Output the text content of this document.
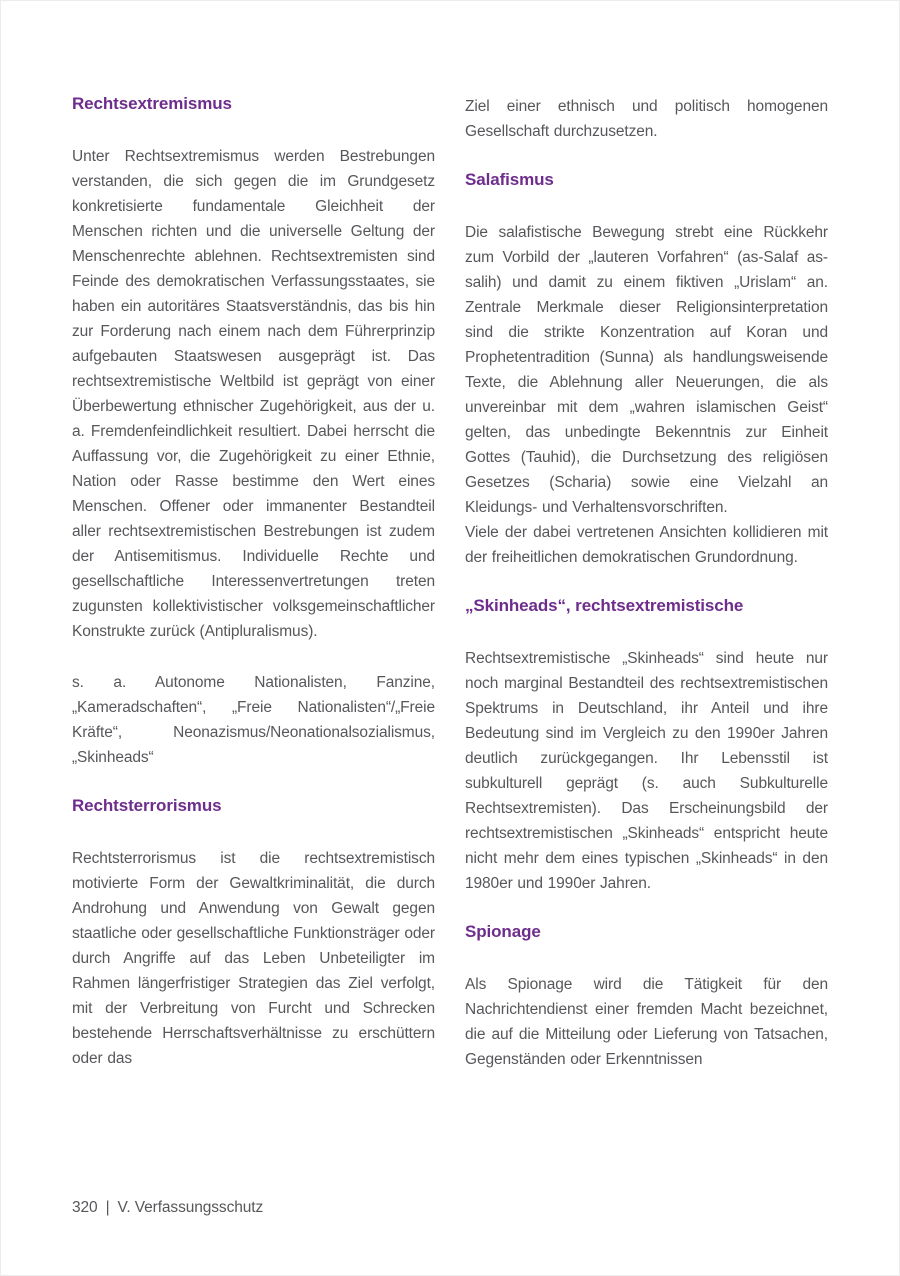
Rechtsextremismus

Unter Rechtsextremismus werden Bestrebungen verstanden, die sich gegen die im Grundgesetz konkretisierte fundamentale Gleichheit der Menschen richten und die universelle Geltung der Menschenrechte ablehnen. Rechtsextremisten sind Feinde des demokratischen Verfassungsstaates, sie haben ein autoritäres Staatsverständnis, das bis hin zur Forderung nach einem nach dem Führerprinzip aufgebauten Staatswesen ausgeprägt ist. Das rechtsextremistische Weltbild ist geprägt von einer Überbewertung ethnischer Zugehörigkeit, aus der u. a. Fremdenfeindlichkeit resultiert. Dabei herrscht die Auffassung vor, die Zugehörigkeit zu einer Ethnie, Nation oder Rasse bestimme den Wert eines Menschen. Offener oder immanenter Bestandteil aller rechtsextremistischen Bestrebungen ist zudem der Antisemitismus. Individuelle Rechte und gesellschaftliche Interessenvertretungen treten zugunsten kollektivistischer volksgemeinschaftlicher Konstrukte zurück (Antipluralismus).

s. a. Autonome Nationalisten, Fanzine, „Kameradschaften“, „Freie Nationalisten“/„Freie Kräfte“, Neonazismus/Neonationalsozialismus, „Skinheads“

Rechtsterrorismus

Rechtsterrorismus ist die rechtsextremistisch motivierte Form der Gewaltkriminalität, die durch Androhung und Anwendung von Gewalt gegen staatliche oder gesellschaftliche Funktionsträger oder durch Angriffe auf das Leben Unbeteiligter im Rahmen längerfristiger Strategien das Ziel verfolgt, mit der Verbreitung von Furcht und Schrecken bestehende Herrschaftsverhältnisse zu erschüttern oder das

Ziel einer ethnisch und politisch homogenen Gesellschaft durchzusetzen.

Salafismus

Die salafistische Bewegung strebt eine Rückkehr zum Vorbild der „lauteren Vorfahren“ (as-Salaf as-salih) und damit zu einem fiktiven „Urislam“ an. Zentrale Merkmale dieser Religionsinterpretation sind die strikte Konzentration auf Koran und Prophetentradition (Sunna) als handlungsweisende Texte, die Ablehnung aller Neuerungen, die als unvereinbar mit dem „wahren islamischen Geist“ gelten, das unbedingte Bekenntnis zur Einheit Gottes (Tauhid), die Durchsetzung des religiösen Gesetzes (Scharia) sowie eine Vielzahl an Kleidungs- und Verhaltensvorschriften.

Viele der dabei vertretenen Ansichten kollidieren mit der freiheitlichen demokratischen Grundordnung.

„Skinheads“, rechtsextremistische

Rechtsextremistische „Skinheads“ sind heute nur noch marginal Bestandteil des rechtsextremistischen Spektrums in Deutschland, ihr Anteil und ihre Bedeutung sind im Vergleich zu den 1990er Jahren deutlich zurückgegangen. Ihr Lebensstil ist subkulturell geprägt (s. auch Subkulturelle Rechtsextremisten). Das Erscheinungsbild der rechtsextremistischen „Skinheads“ entspricht heute nicht mehr dem eines typischen „Skinheads“ in den 1980er und 1990er Jahren.

Spionage

Als Spionage wird die Tätigkeit für den Nachrichtendienst einer fremden Macht bezeichnet, die auf die Mitteilung oder Lieferung von Tatsachen, Gegenständen oder Erkenntnissen

320 | V. Verfassungsschutz
